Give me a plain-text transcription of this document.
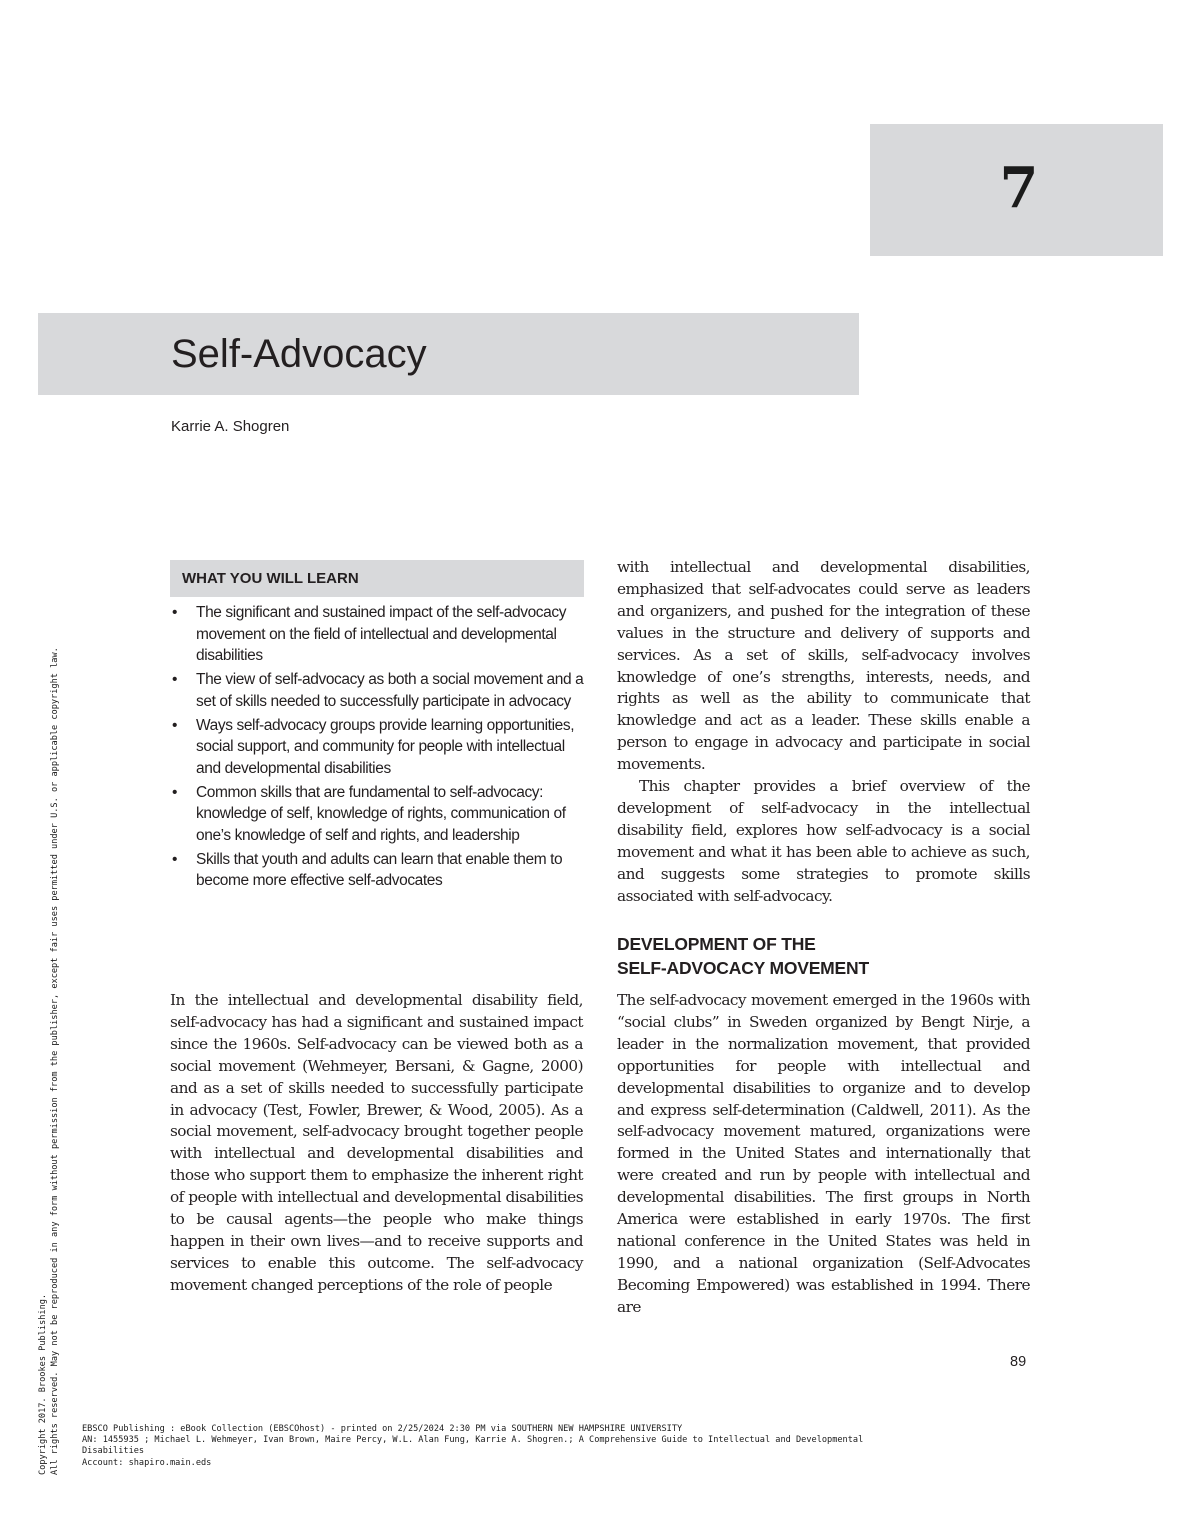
7
Self-Advocacy
Karrie A. Shogren
WHAT YOU WILL LEARN
• The significant and sustained impact of the self-advocacy movement on the field of intellectual and developmental disabilities
• The view of self-advocacy as both a social movement and a set of skills needed to successfully participate in advocacy
• Ways self-advocacy groups provide learning opportunities, social support, and community for people with intellectual and developmental disabilities
• Common skills that are fundamental to self-advocacy: knowledge of self, knowledge of rights, communication of one’s knowledge of self and rights, and leadership
• Skills that youth and adults can learn that enable them to become more effective self-advocates

In the intellectual and developmental disability field, self-advocacy has had a significant and sustained impact since the 1960s. Self-advocacy can be viewed both as a social movement (Wehmeyer, Bersani, & Gagne, 2000) and as a set of skills needed to successfully participate in advocacy (Test, Fowler, Brewer, & Wood, 2005). As a social movement, self-advocacy brought together people with intellectual and developmental disabilities and those who support them to emphasize the inherent right of people with intellectual and developmental disabilities to be causal agents—the people who make things happen in their own lives—and to receive supports and services to enable this outcome. The self-advocacy movement changed perceptions of the role of people

with intellectual and developmental disabilities, emphasized that self-advocates could serve as leaders and organizers, and pushed for the integration of these values in the structure and delivery of supports and services. As a set of skills, self-advocacy involves knowledge of one’s strengths, interests, needs, and rights as well as the ability to communicate that knowledge and act as a leader. These skills enable a person to engage in advocacy and participate in social movements.

This chapter provides a brief overview of the development of self-advocacy in the intellectual disability field, explores how self-advocacy is a social movement and what it has been able to achieve as such, and suggests some strategies to promote skills associated with self-advocacy.

DEVELOPMENT OF THE
SELF-ADVOCACY MOVEMENT

The self-advocacy movement emerged in the 1960s with “social clubs” in Sweden organized by Bengt Nirje, a leader in the normalization movement, that provided opportunities for people with intellectual and developmental disabilities to organize and to develop and express self-determination (Caldwell, 2011). As the self-advocacy movement matured, organizations were formed in the United States and internationally that were created and run by people with intellectual and developmental disabilities. The first groups in North America were established in early 1970s. The first national conference in the United States was held in 1990, and a national organization (Self-Advocates Becoming Empowered) was established in 1994. There are

89
EBSCO Publishing : eBook Collection (EBSCOhost) - printed on 2/25/2024 2:30 PM via SOUTHERN NEW HAMPSHIRE UNIVERSITY
AN: 1455935 ; Michael L. Wehmeyer, Ivan Brown, Maire Percy, W.L. Alan Fung, Karrie A. Shogren.; A Comprehensive Guide to Intellectual and Developmental
Disabilities
Account: shapiro.main.eds
Copyright 2017. Brookes Publishing. All rights reserved. May not be reproduced in any form without permission from the publisher, except fair uses permitted under U.S. or applicable copyright law.
